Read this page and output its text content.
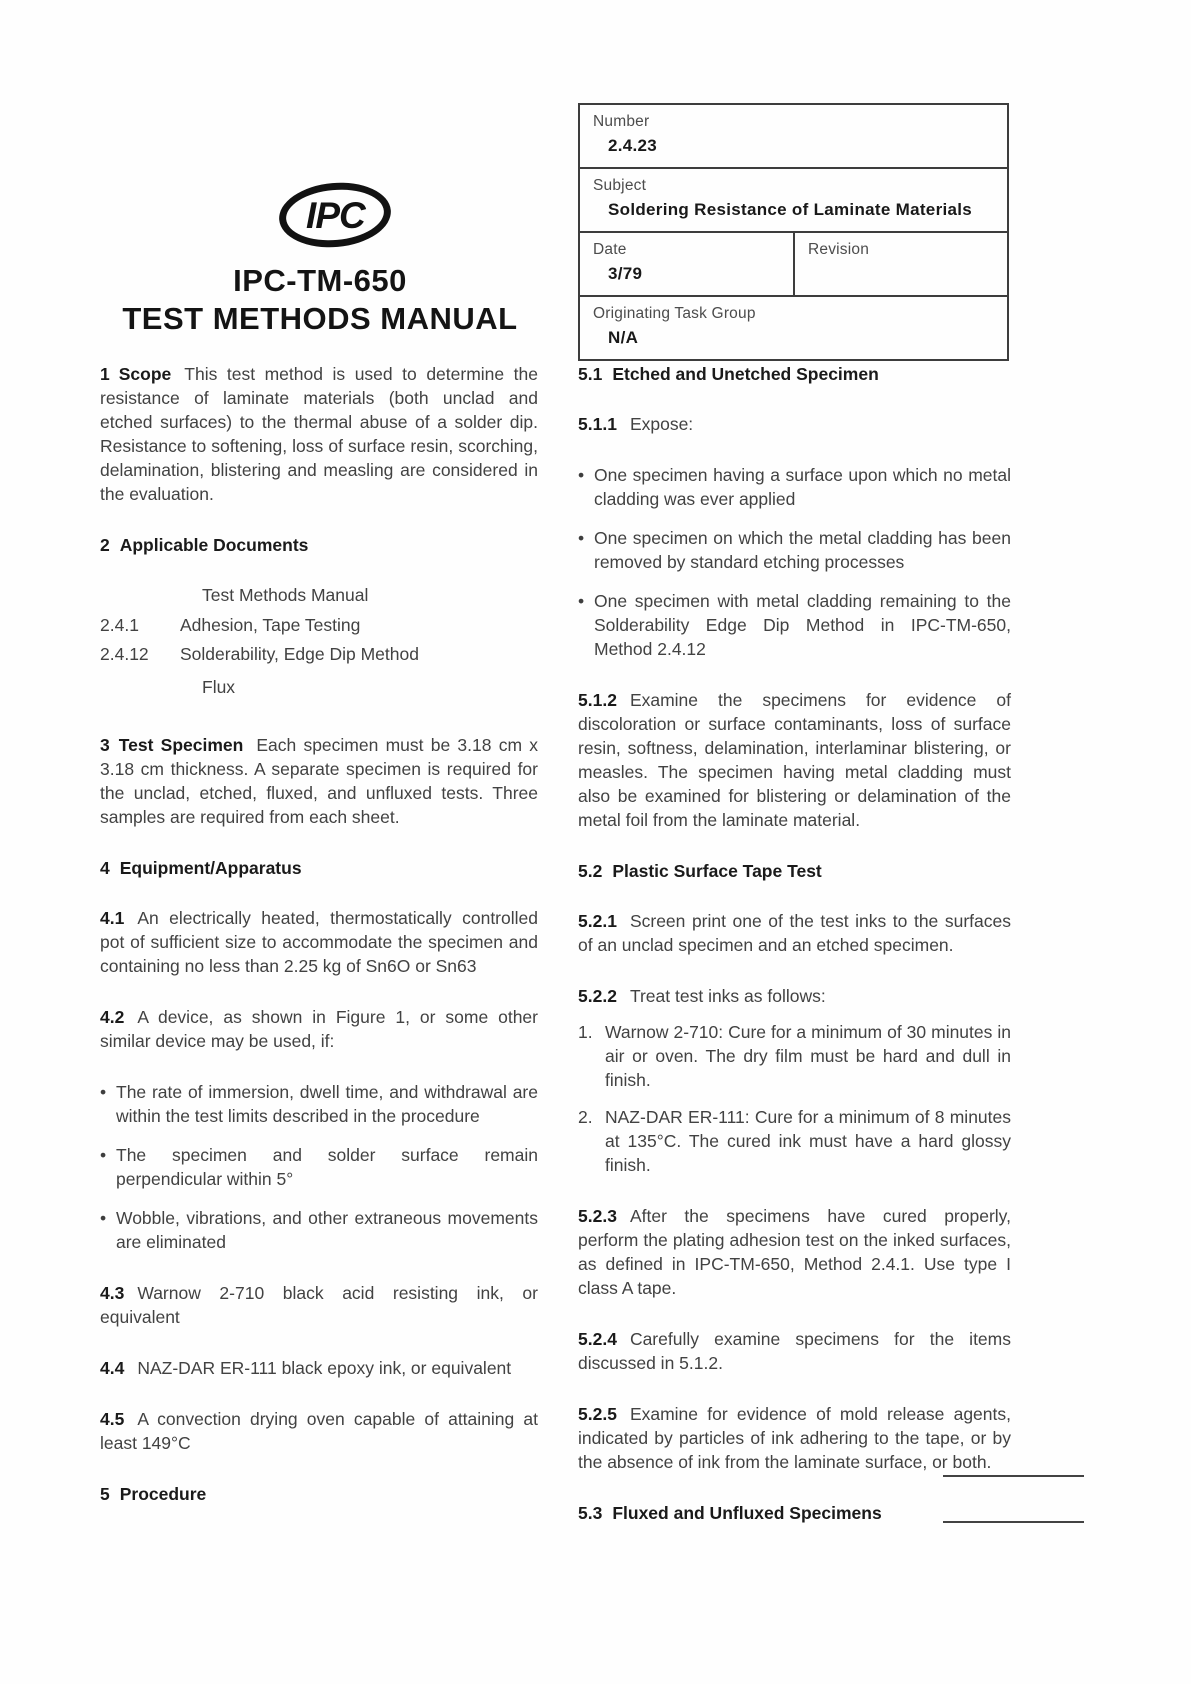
Number
2.4.23
Subject
Soldering Resistance of Laminate Materials
Date
3/79
Revision
Originating Task Group
N/A
IPC
IPC-TM-650
TEST METHODS MANUAL

1 Scope This test method is used to determine the resistance of laminate materials (both unclad and etched surfaces) to the thermal abuse of a solder dip. Resistance to softening, loss of surface resin, scorching, delamination, blistering and measling are considered in the evaluation.

2 Applicable Documents

Test Methods Manual

2.4.1	Adhesion, Tape Testing
2.4.12	Solderability, Edge Dip Method

Flux

3 Test Specimen Each specimen must be 3.18 cm x 3.18 cm thickness. A separate specimen is required for the unclad, etched, fluxed, and unfluxed tests. Three samples are required from each sheet.

4 Equipment/Apparatus

4.1 An electrically heated, thermostatically controlled pot of sufficient size to accommodate the specimen and containing no less than 2.25 kg of Sn6O or Sn63

4.2 A device, as shown in Figure 1, or some other similar device may be used, if:

• The rate of immersion, dwell time, and withdrawal are within the test limits described in the procedure
• The specimen and solder surface remain perpendicular within 5°
• Wobble, vibrations, and other extraneous movements are eliminated

4.3 Warnow 2-710 black acid resisting ink, or equivalent

4.4 NAZ-DAR ER-111 black epoxy ink, or equivalent

4.5 A convection drying oven capable of attaining at least 149°C

5 Procedure

5.1 Etched and Unetched Specimen

5.1.1 Expose:

• One specimen having a surface upon which no metal cladding was ever applied
• One specimen on which the metal cladding has been removed by standard etching processes
• One specimen with metal cladding remaining to the Solderability Edge Dip Method in IPC-TM-650, Method 2.4.12

5.1.2 Examine the specimens for evidence of discoloration or surface contaminants, loss of surface resin, softness, delamination, interlaminar blistering, or measles. The specimen having metal cladding must also be examined for blistering or delamination of the metal foil from the laminate material.

5.2 Plastic Surface Tape Test

5.2.1 Screen print one of the test inks to the surfaces of an unclad specimen and an etched specimen.

5.2.2 Treat test inks as follows:

1. Warnow 2-710: Cure for a minimum of 30 minutes in air or oven. The dry film must be hard and dull in finish.
2. NAZ-DAR ER-111: Cure for a minimum of 8 minutes at 135°C. The cured ink must have a hard glossy finish.

5.2.3 After the specimens have cured properly, perform the plating adhesion test on the inked surfaces, as defined in IPC-TM-650, Method 2.4.1. Use type I class A tape.

5.2.4 Carefully examine specimens for the items discussed in 5.1.2.

5.2.5 Examine for evidence of mold release agents, indicated by particles of ink adhering to the tape, or by the absence of ink from the laminate surface, or both.

5.3 Fluxed and Unfluxed Specimens
